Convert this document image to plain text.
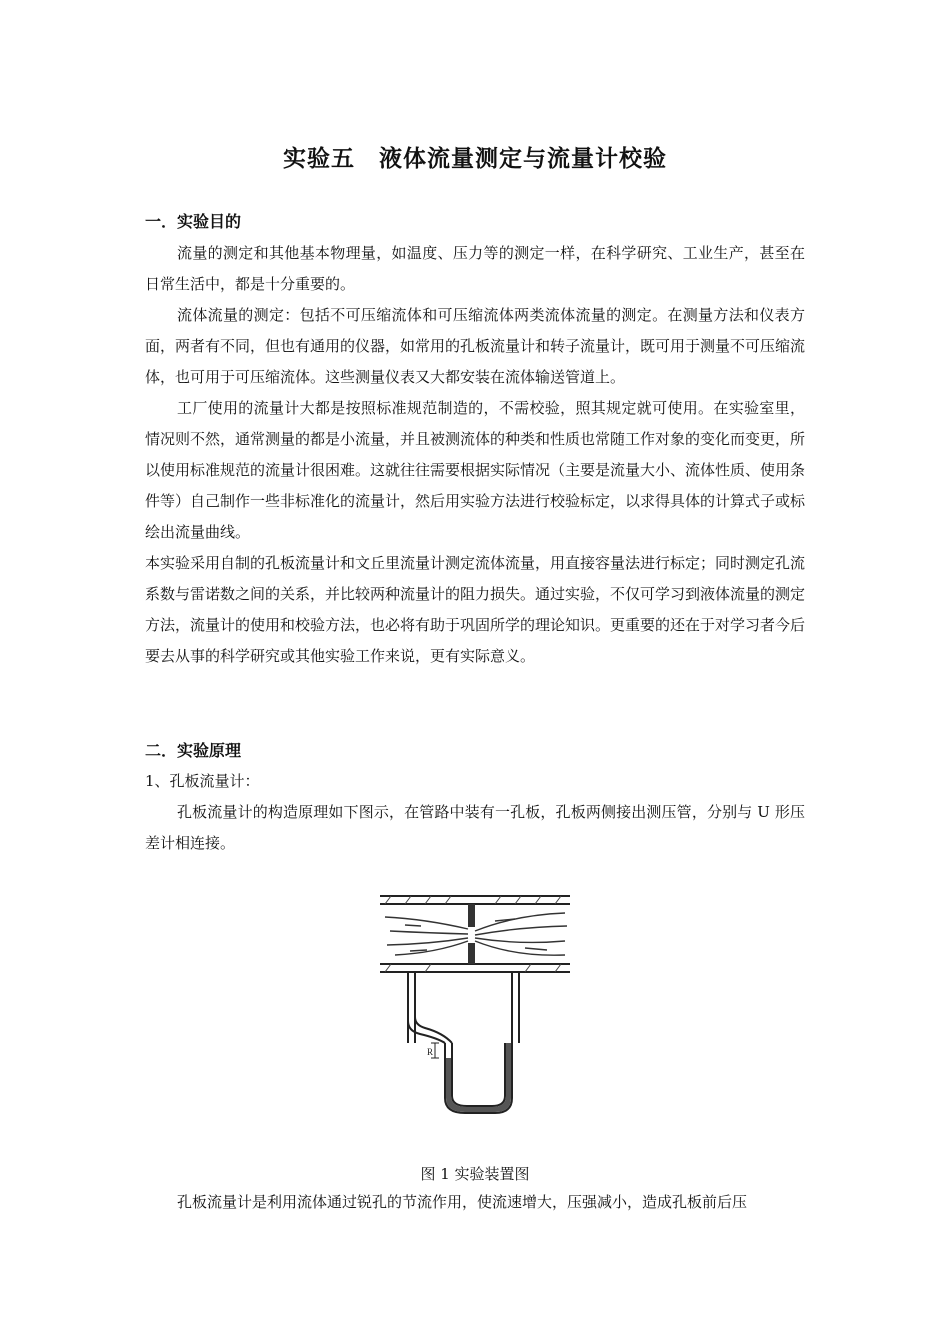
实验五 液体流量测定与流量计校验
一．实验目的

流量的测定和其他基本物理量，如温度、压力等的测定一样，在科学研究、工业生产，甚至在日常生活中，都是十分重要的。

流体流量的测定：包括不可压缩流体和可压缩流体两类流体流量的测定。在测量方法和仪表方面，两者有不同，但也有通用的仪器，如常用的孔板流量计和转子流量计，既可用于测量不可压缩流体，也可用于可压缩流体。这些测量仪表又大都安装在流体输送管道上。

工厂使用的流量计大都是按照标准规范制造的，不需校验，照其规定就可使用。在实验室里，情况则不然，通常测量的都是小流量，并且被测流体的种类和性质也常随工作对象的变化而变更，所以使用标准规范的流量计很困难。这就往往需要根据实际情况（主要是流量大小、流体性质、使用条件等）自己制作一些非标准化的流量计，然后用实验方法进行校验标定，以求得具体的计算式子或标绘出流量曲线。

本实验采用自制的孔板流量计和文丘里流量计测定流体流量，用直接容量法进行标定；同时测定孔流系数与雷诺数之间的关系，并比较两种流量计的阻力损失。通过实验，不仅可学习到液体流量的测定方法，流量计的使用和校验方法，也必将有助于巩固所学的理论知识。更重要的还在于对学习者今后要去从事的科学研究或其他实验工作来说，更有实际意义。

二．实验原理
1、孔板流量计：

孔板流量计的构造原理如下图示，在管路中装有一孔板，孔板两侧接出测压管，分别与 U 形压差计相连接。

R
图 1 实验装置图

孔板流量计是利用流体通过锐孔的节流作用，使流速增大，压强减小，造成孔板前后压
